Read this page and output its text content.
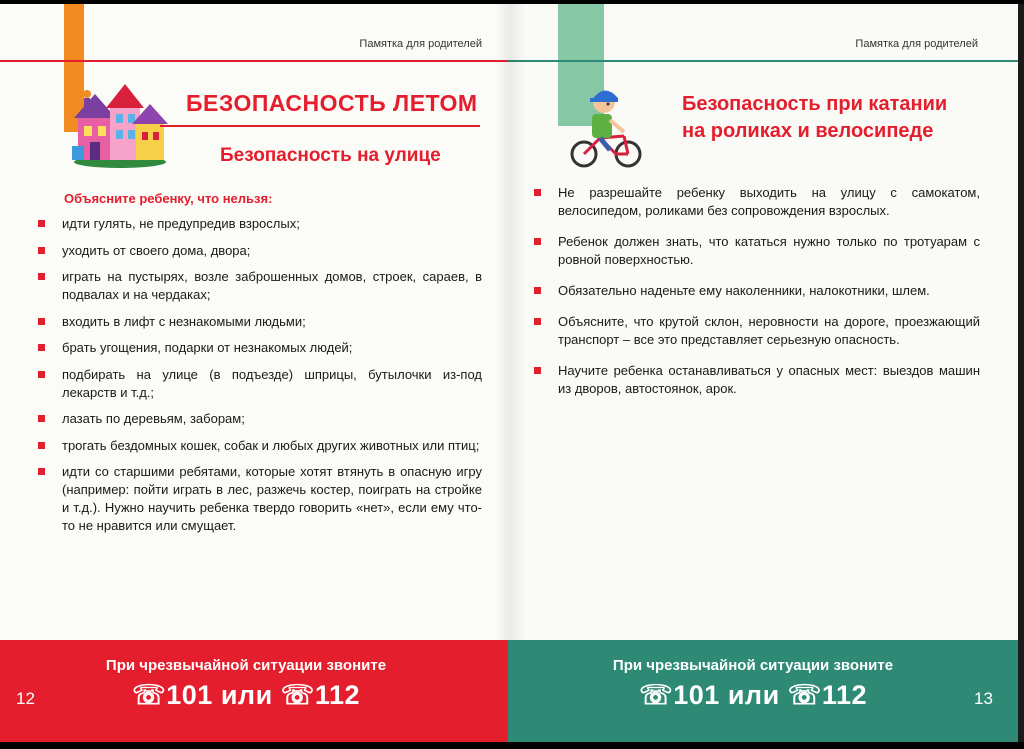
Памятка для родителей
БЕЗОПАСНОСТЬ ЛЕТОМ
Безопасность на улице
Объясните ребенку, что нельзя:
идти гулять, не предупредив взрослых;
уходить от своего дома, двора;
играть на пустырях, возле заброшенных домов, строек, сараев, в подвалах и на чердаках;
входить в лифт с незнакомыми людьми;
брать угощения, подарки от незнакомых людей;
подбирать на улице (в подъезде) шприцы, бутылочки из-под лекарств и т.д.;
лазать по деревьям, заборам;
трогать бездомных кошек, собак и любых других животных или птиц;
идти со старшими ребятами, которые хотят втянуть в опасную игру (например: пойти играть в лес, разжечь костер, поиграть на стройке и т.д.). Нужно научить ребенка твердо говорить «нет», если ему что-то не нравится или смущает.
При чрезвычайной ситуации звоните
☏101 или ☏112
12
Памятка для родителей
Безопасность при катании
на роликах и велосипеде
Не разрешайте ребенку выходить на улицу с самокатом, велосипедом, роликами без сопровождения взрослых.
Ребенок должен знать, что кататься нужно только по тротуарам с ровной поверхностью.
Обязательно наденьте ему наколенники, налокотники, шлем.
Объясните, что крутой склон, неровности на дороге, проезжающий транспорт – все это представляет серьезную опасность.
Научите ребенка останавливаться у опасных мест: выездов машин из дворов, автостоянок, арок.
При чрезвычайной ситуации звоните
☏101 или ☏112	13
